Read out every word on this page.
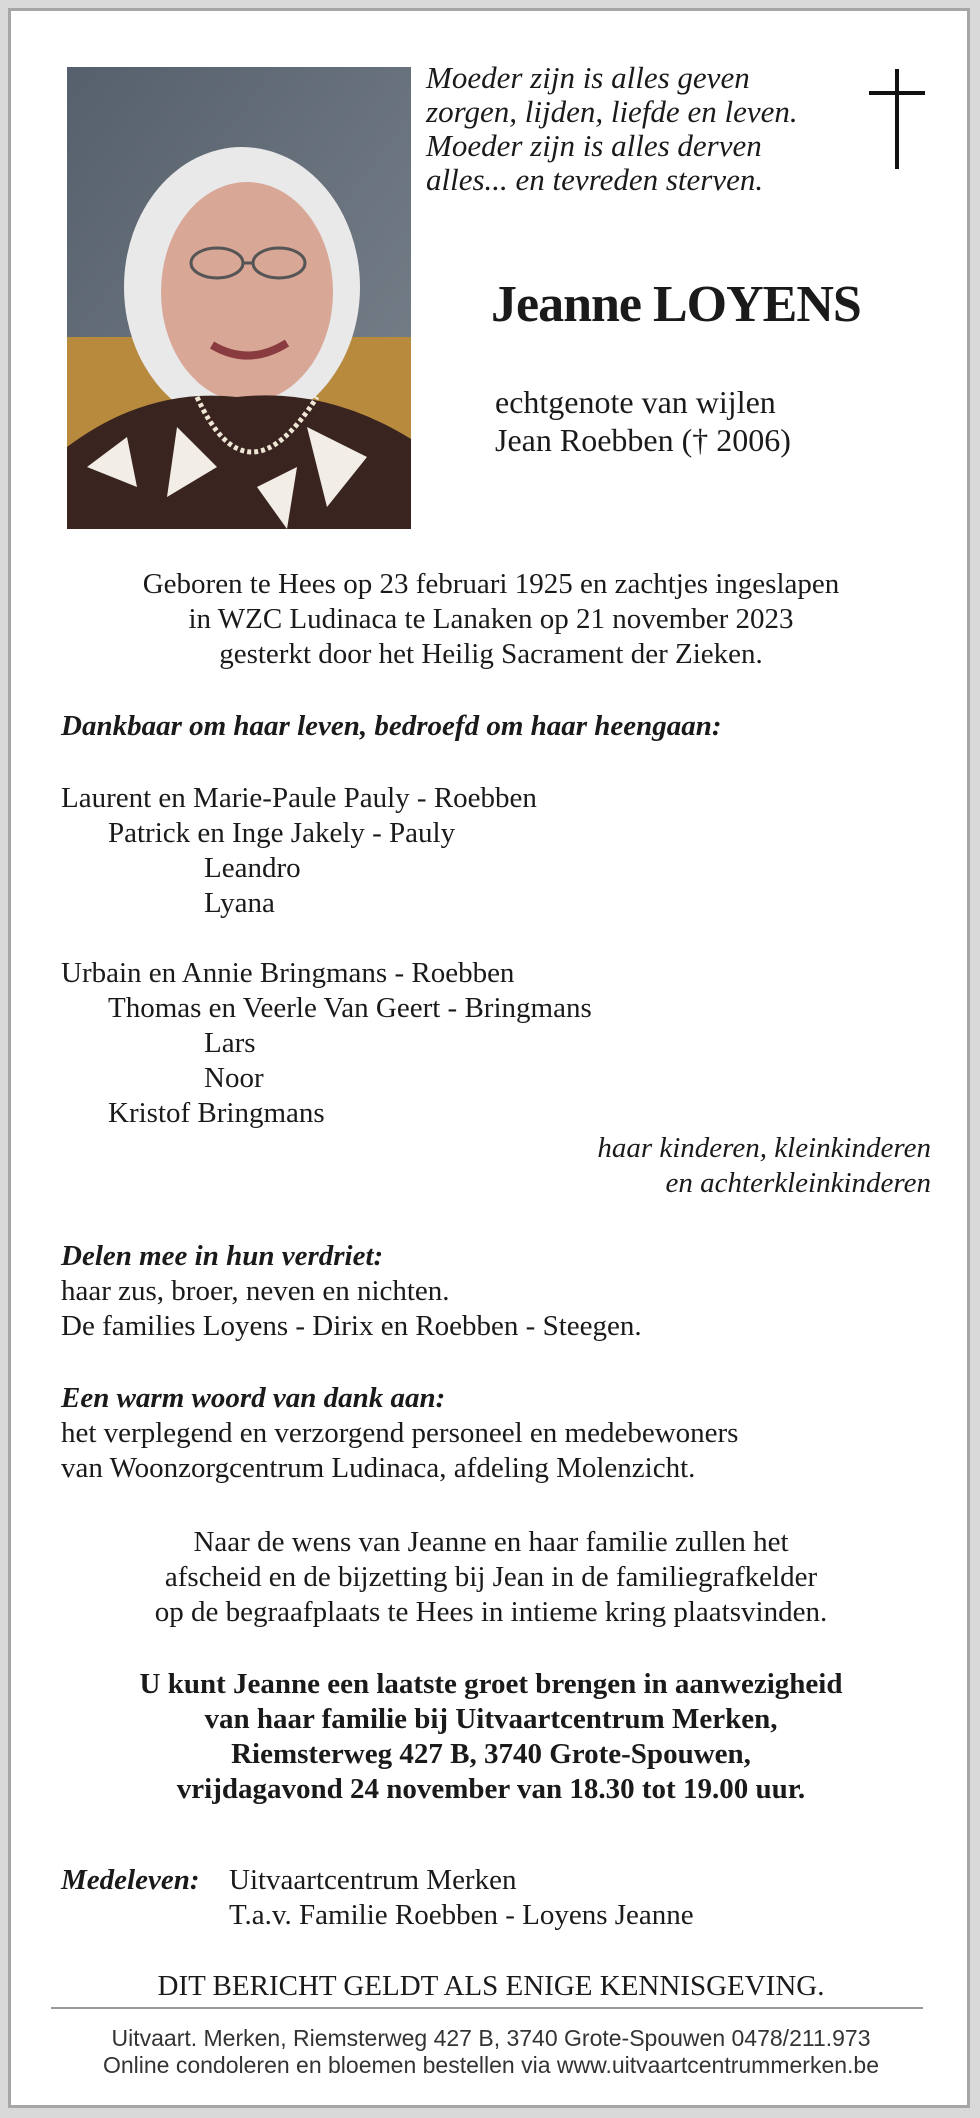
Moeder zijn is alles geven
zorgen, lijden, liefde en leven.
Moeder zijn is alles derven
alles... en tevreden sterven.
Jeanne LOYENS
echtgenote van wijlen
Jean Roebben († 2006)
Geboren te Hees op 23 februari 1925 en zachtjes ingeslapen
in WZC Ludinaca te Lanaken op 21 november 2023
gesterkt door het Heilig Sacrament der Zieken.
Dankbaar om haar leven, bedroefd om haar heengaan:
Laurent en Marie-Paule Pauly - Roebben
Patrick en Inge Jakely - Pauly
Leandro
Lyana
Urbain en Annie Bringmans - Roebben
Thomas en Veerle Van Geert - Bringmans
Lars
Noor
Kristof Bringmans
haar kinderen, kleinkinderen
en achterkleinkinderen
Delen mee in hun verdriet:
haar zus, broer, neven en nichten.
De families Loyens - Dirix en Roebben - Steegen.
Een warm woord van dank aan:
het verplegend en verzorgend personeel en medebewoners
van Woonzorgcentrum Ludinaca, afdeling Molenzicht.
Naar de wens van Jeanne en haar familie zullen het
afscheid en de bijzetting bij Jean in de familiegrafkelder
op de begraafplaats te Hees in intieme kring plaatsvinden.
U kunt Jeanne een laatste groet brengen in aanwezigheid
van haar familie bij Uitvaartcentrum Merken,
Riemsterweg 427 B, 3740 Grote-Spouwen,
vrijdagavond 24 november van 18.30 tot 19.00 uur.
Medeleven: Uitvaartcentrum Merken
T.a.v. Familie Roebben - Loyens Jeanne
DIT BERICHT GELDT ALS ENIGE KENNISGEVING.
Uitvaart. Merken, Riemsterweg 427 B, 3740 Grote-Spouwen 0478/211.973
Online condoleren en bloemen bestellen via www.uitvaartcentrummerken.be
